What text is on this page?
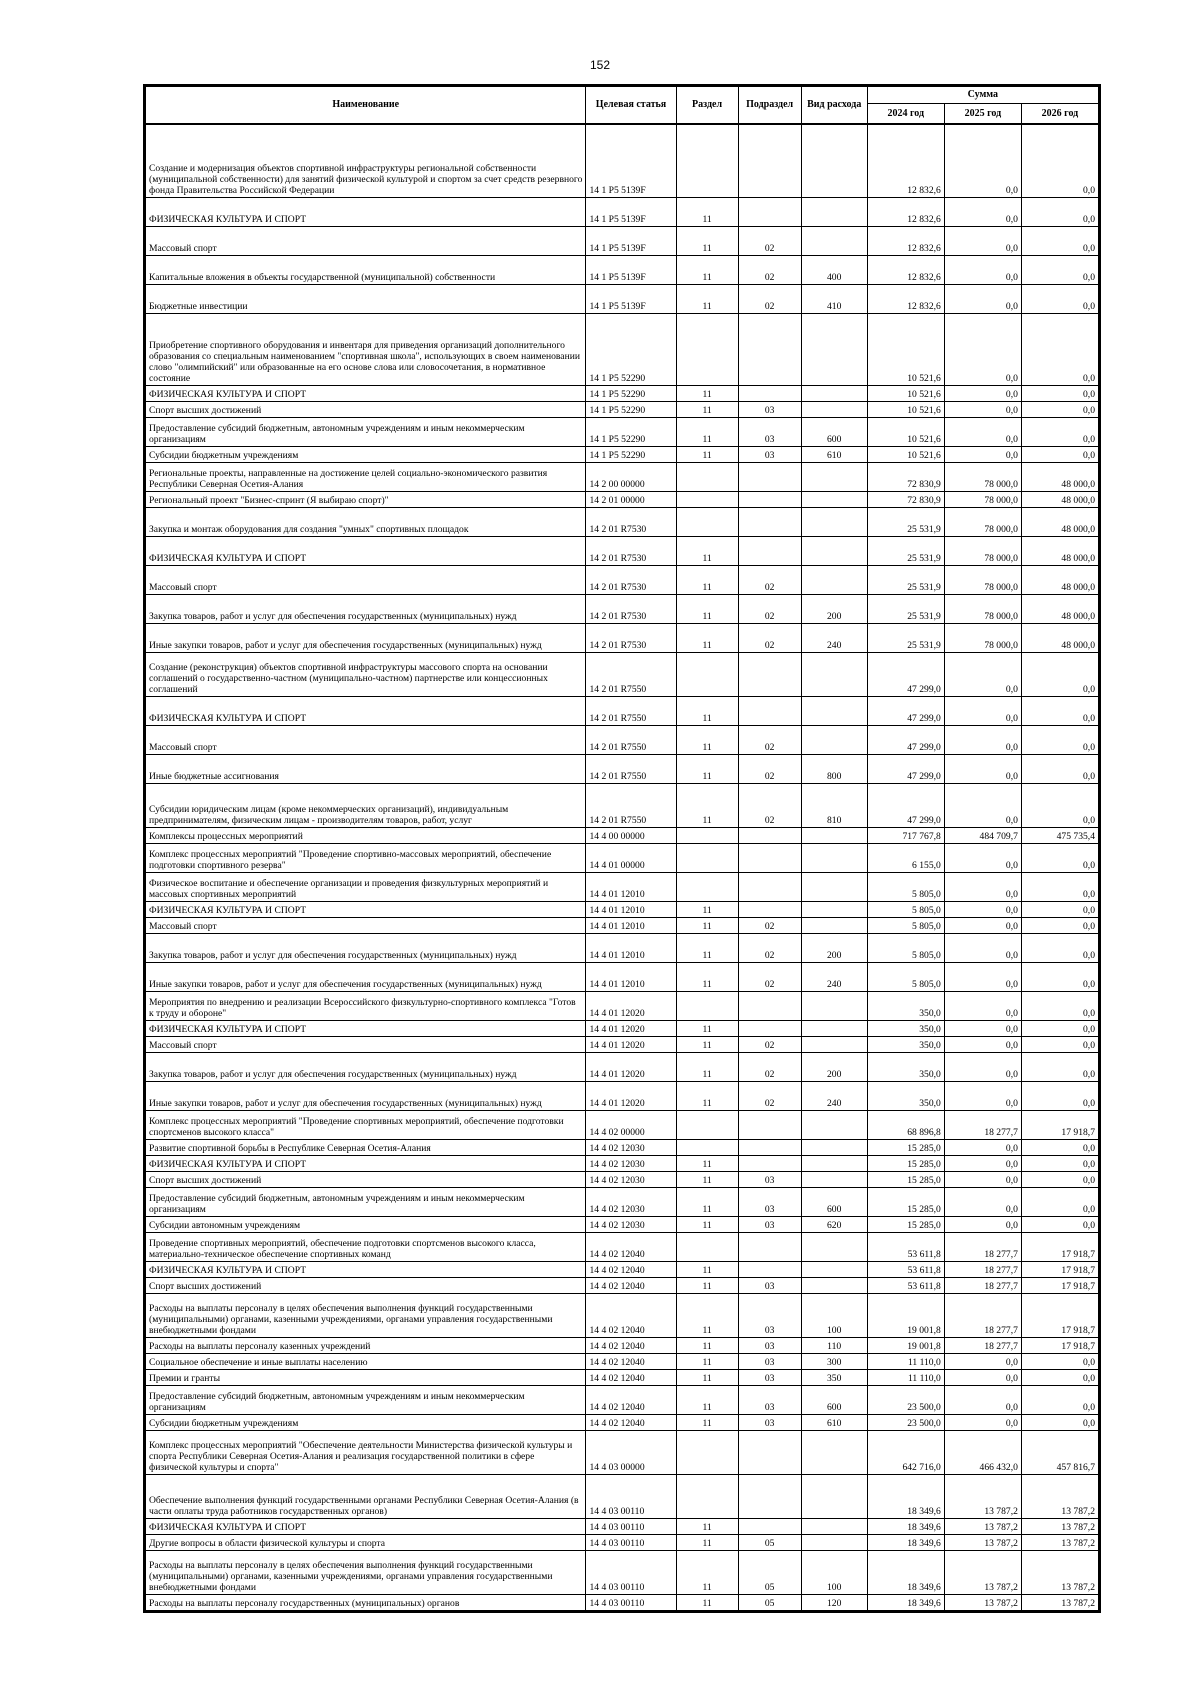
152
Наименование	Целевая статья	Раздел	Подраздел	Вид расхода	Сумма		
					2024 год	2025 год	2026 год
Создание и модернизация объектов спортивной инфраструктуры региональной собственности (муниципальной собственности) для занятий физической культурой и спортом за счет средств резервного фонда Правительства Российской Федерации	14 1 P5 5139F				12 832,6	0,0	0,0
ФИЗИЧЕСКАЯ КУЛЬТУРА И СПОРТ	14 1 P5 5139F	11			12 832,6	0,0	0,0
Массовый спорт	14 1 P5 5139F	11	02		12 832,6	0,0	0,0
Капитальные вложения в объекты государственной (муниципальной) собственности	14 1 P5 5139F	11	02	400	12 832,6	0,0	0,0
Бюджетные инвестиции	14 1 P5 5139F	11	02	410	12 832,6	0,0	0,0
Приобретение спортивного оборудования и инвентаря для приведения организаций дополнительного образования со специальным наименованием "спортивная школа", использующих в своем наименовании слово "олимпийский" или образованные на его основе слова или словосочетания, в нормативное состояние	14 1 P5 52290				10 521,6	0,0	0,0
ФИЗИЧЕСКАЯ КУЛЬТУРА И СПОРТ	14 1 P5 52290	11			10 521,6	0,0	0,0
Спорт высших достижений	14 1 P5 52290	11	03		10 521,6	0,0	0,0
Предоставление субсидий бюджетным, автономным учреждениям и иным некоммерческим организациям	14 1 P5 52290	11	03	600	10 521,6	0,0	0,0
Субсидии бюджетным учреждениям	14 1 P5 52290	11	03	610	10 521,6	0,0	0,0
Региональные проекты, направленные на достижение целей социально-экономического развития Республики Северная Осетия-Алания	14 2 00 00000				72 830,9	78 000,0	48 000,0
Региональный проект "Бизнес-спринт (Я выбираю спорт)"	14 2 01 00000				72 830,9	78 000,0	48 000,0
Закупка и монтаж оборудования для создания "умных" спортивных площадок	14 2 01 R7530				25 531,9	78 000,0	48 000,0
ФИЗИЧЕСКАЯ КУЛЬТУРА И СПОРТ	14 2 01 R7530	11			25 531,9	78 000,0	48 000,0
Массовый спорт	14 2 01 R7530	11	02		25 531,9	78 000,0	48 000,0
Закупка товаров, работ и услуг для обеспечения государственных (муниципальных) нужд	14 2 01 R7530	11	02	200	25 531,9	78 000,0	48 000,0
Иные закупки товаров, работ и услуг для обеспечения государственных (муниципальных) нужд	14 2 01 R7530	11	02	240	25 531,9	78 000,0	48 000,0
Создание (реконструкция) объектов спортивной инфраструктуры массового спорта на основании соглашений о государственно-частном (муниципально-частном) партнерстве или концессионных соглашений	14 2 01 R7550				47 299,0	0,0	0,0
ФИЗИЧЕСКАЯ КУЛЬТУРА И СПОРТ	14 2 01 R7550	11			47 299,0	0,0	0,0
Массовый спорт	14 2 01 R7550	11	02		47 299,0	0,0	0,0
Иные бюджетные ассигнования	14 2 01 R7550	11	02	800	47 299,0	0,0	0,0
Субсидии юридическим лицам (кроме некоммерческих организаций), индивидуальным предпринимателям, физическим лицам - производителям товаров, работ, услуг	14 2 01 R7550	11	02	810	47 299,0	0,0	0,0
Комплексы процессных мероприятий	14 4 00 00000				717 767,8	484 709,7	475 735,4
Комплекс процессных мероприятий "Проведение спортивно-массовых мероприятий, обеспечение подготовки спортивного резерва"	14 4 01 00000				6 155,0	0,0	0,0
Физическое воспитание и обеспечение организации и проведения физкультурных мероприятий и массовых спортивных мероприятий	14 4 01 12010				5 805,0	0,0	0,0
ФИЗИЧЕСКАЯ КУЛЬТУРА И СПОРТ	14 4 01 12010	11			5 805,0	0,0	0,0
Массовый спорт	14 4 01 12010	11	02		5 805,0	0,0	0,0
Закупка товаров, работ и услуг для обеспечения государственных (муниципальных) нужд	14 4 01 12010	11	02	200	5 805,0	0,0	0,0
Иные закупки товаров, работ и услуг для обеспечения государственных (муниципальных) нужд	14 4 01 12010	11	02	240	5 805,0	0,0	0,0
Мероприятия по внедрению и реализации Всероссийского физкультурно-спортивного комплекса "Готов к труду и обороне"	14 4 01 12020				350,0	0,0	0,0
ФИЗИЧЕСКАЯ КУЛЬТУРА И СПОРТ	14 4 01 12020	11			350,0	0,0	0,0
Массовый спорт	14 4 01 12020	11	02		350,0	0,0	0,0
Закупка товаров, работ и услуг для обеспечения государственных (муниципальных) нужд	14 4 01 12020	11	02	200	350,0	0,0	0,0
Иные закупки товаров, работ и услуг для обеспечения государственных (муниципальных) нужд	14 4 01 12020	11	02	240	350,0	0,0	0,0
Комплекс процессных мероприятий "Проведение спортивных мероприятий, обеспечение подготовки спортсменов высокого класса"	14 4 02 00000				68 896,8	18 277,7	17 918,7
Развитие спортивной борьбы в Республике Северная Осетия-Алания	14 4 02 12030				15 285,0	0,0	0,0
ФИЗИЧЕСКАЯ КУЛЬТУРА И СПОРТ	14 4 02 12030	11			15 285,0	0,0	0,0
Спорт высших достижений	14 4 02 12030	11	03		15 285,0	0,0	0,0
Предоставление субсидий бюджетным, автономным учреждениям и иным некоммерческим организациям	14 4 02 12030	11	03	600	15 285,0	0,0	0,0
Субсидии автономным учреждениям	14 4 02 12030	11	03	620	15 285,0	0,0	0,0
Проведение спортивных мероприятий, обеспечение подготовки спортсменов высокого класса, материально-техническое обеспечение спортивных команд	14 4 02 12040				53 611,8	18 277,7	17 918,7
ФИЗИЧЕСКАЯ КУЛЬТУРА И СПОРТ	14 4 02 12040	11			53 611,8	18 277,7	17 918,7
Спорт высших достижений	14 4 02 12040	11	03		53 611,8	18 277,7	17 918,7
Расходы на выплаты персоналу в целях обеспечения выполнения функций государственными (муниципальными) органами, казенными учреждениями, органами управления государственными внебюджетными фондами	14 4 02 12040	11	03	100	19 001,8	18 277,7	17 918,7
Расходы на выплаты персоналу казенных учреждений	14 4 02 12040	11	03	110	19 001,8	18 277,7	17 918,7
Социальное обеспечение и иные выплаты населению	14 4 02 12040	11	03	300	11 110,0	0,0	0,0
Премии и гранты	14 4 02 12040	11	03	350	11 110,0	0,0	0,0
Предоставление субсидий бюджетным, автономным учреждениям и иным некоммерческим организациям	14 4 02 12040	11	03	600	23 500,0	0,0	0,0
Субсидии бюджетным учреждениям	14 4 02 12040	11	03	610	23 500,0	0,0	0,0
Комплекс процессных мероприятий "Обеспечение деятельности Министерства физической культуры и спорта Республики Северная Осетия-Алания и реализация государственной политики в сфере физической культуры и спорта"	14 4 03 00000				642 716,0	466 432,0	457 816,7
Обеспечение выполнения функций государственными органами Республики Северная Осетия-Алания (в части оплаты труда работников государственных органов)	14 4 03 00110				18 349,6	13 787,2	13 787,2
ФИЗИЧЕСКАЯ КУЛЬТУРА И СПОРТ	14 4 03 00110	11			18 349,6	13 787,2	13 787,2
Другие вопросы в области физической культуры и спорта	14 4 03 00110	11	05		18 349,6	13 787,2	13 787,2
Расходы на выплаты персоналу в целях обеспечения выполнения функций государственными (муниципальными) органами, казенными учреждениями, органами управления государственными внебюджетными фондами	14 4 03 00110	11	05	100	18 349,6	13 787,2	13 787,2
Расходы на выплаты персоналу государственных (муниципальных) органов	14 4 03 00110	11	05	120	18 349,6	13 787,2	13 787,2
